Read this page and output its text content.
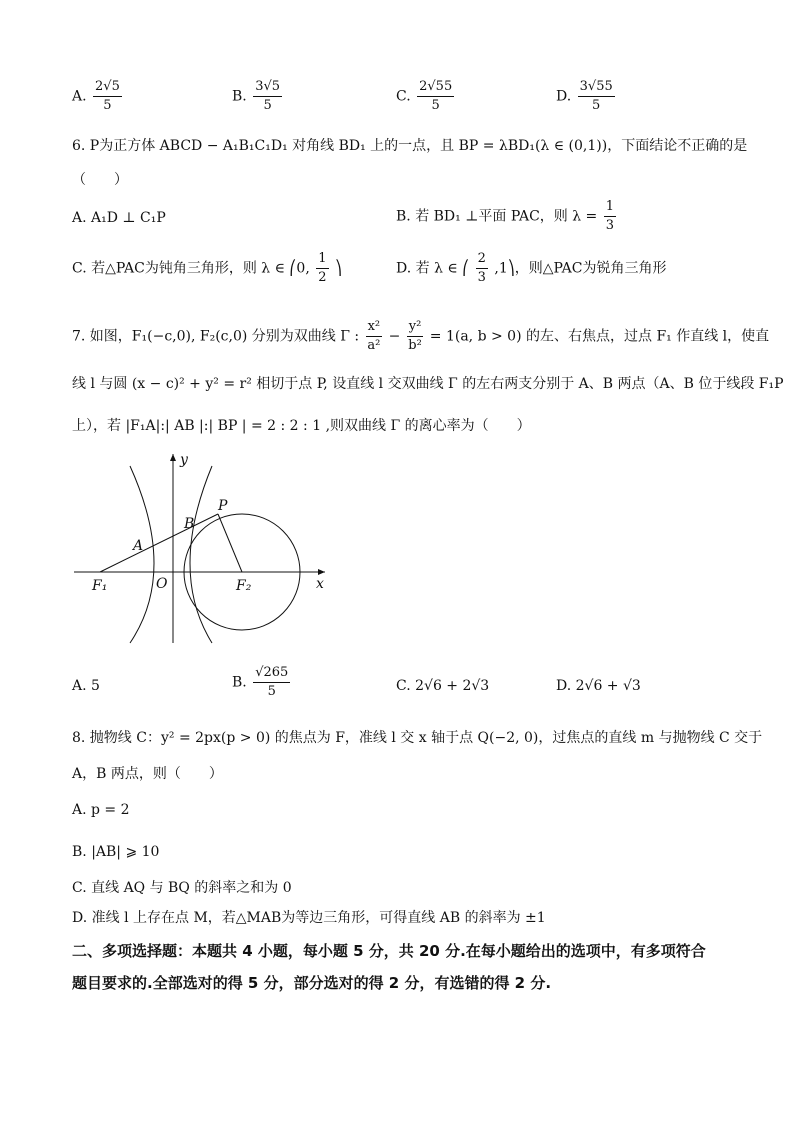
A. $\frac{2√5}{5}$	B. $\frac{3√5}{5}$	C. $\frac{2√55}{5}$	D. $\frac{3√55}{5}$
6. P为正方体 ABCD − A₁B₁C₁D₁ 对角线 BD₁ 上的一点，且 BP = λBD₁(λ ∈ (0,1))，下面结论不正确的是
（　　）
A. A₁D ⊥ C₁P	B. 若 BD₁ ⊥平面 PAC，则 $\lambda = \frac{1}{3}$
C. 若△PAC为钝角三角形，则 λ ∈ ⎛0, $\frac{1}{2}$ ⎞	D. 若 λ ∈ ⎛ $\frac{2}{3}$ ,1⎞，则△PAC为锐角三角形
7. 如图，F₁(−c,0), F₂(c,0) 分别为双曲线 Γ : $\frac{\text{x²}}{\text{a²}} - \frac{\text{y²}}{\text{b²}} = 1(a$, b > 0) 的左、右焦点，过点 F₁ 作直线 l，使直
线 l 与圆 (x − c)² + y² = r² 相切于点 P, 设直线 l 交双曲线 Γ 的左右两支分别于 A、B 两点（A、B 位于线段 F₁P
上），若 |F₁A|:| AB |:| BP | = 2 : 2 : 1 ,则双曲线 Γ 的离心率为（　　）
y
x
P
B
A
O
F₁	F₂
A. 5	B. $\frac{√265}{5}$	C. 2√6 + 2√3	D. 2√6 + √3
8. 抛物线 C：y² = 2px(p > 0) 的焦点为 F，准线 l 交 x 轴于点 Q(−2, 0)，过焦点的直线 m 与抛物线 C 交于
A，B 两点，则（　　）
A. p = 2
B. |AB| ⩾ 10
C. 直线 AQ 与 BQ 的斜率之和为 0
D. 准线 l 上存在点 M，若△MAB为等边三角形，可得直线 AB 的斜率为 ±1
二、多项选择题：本题共 4 小题，每小题 5 分，共 20 分.在每小题给出的选项中，有多项符合
题目要求的.全部选对的得 5 分，部分选对的得 2 分，有选错的得 2 分.
